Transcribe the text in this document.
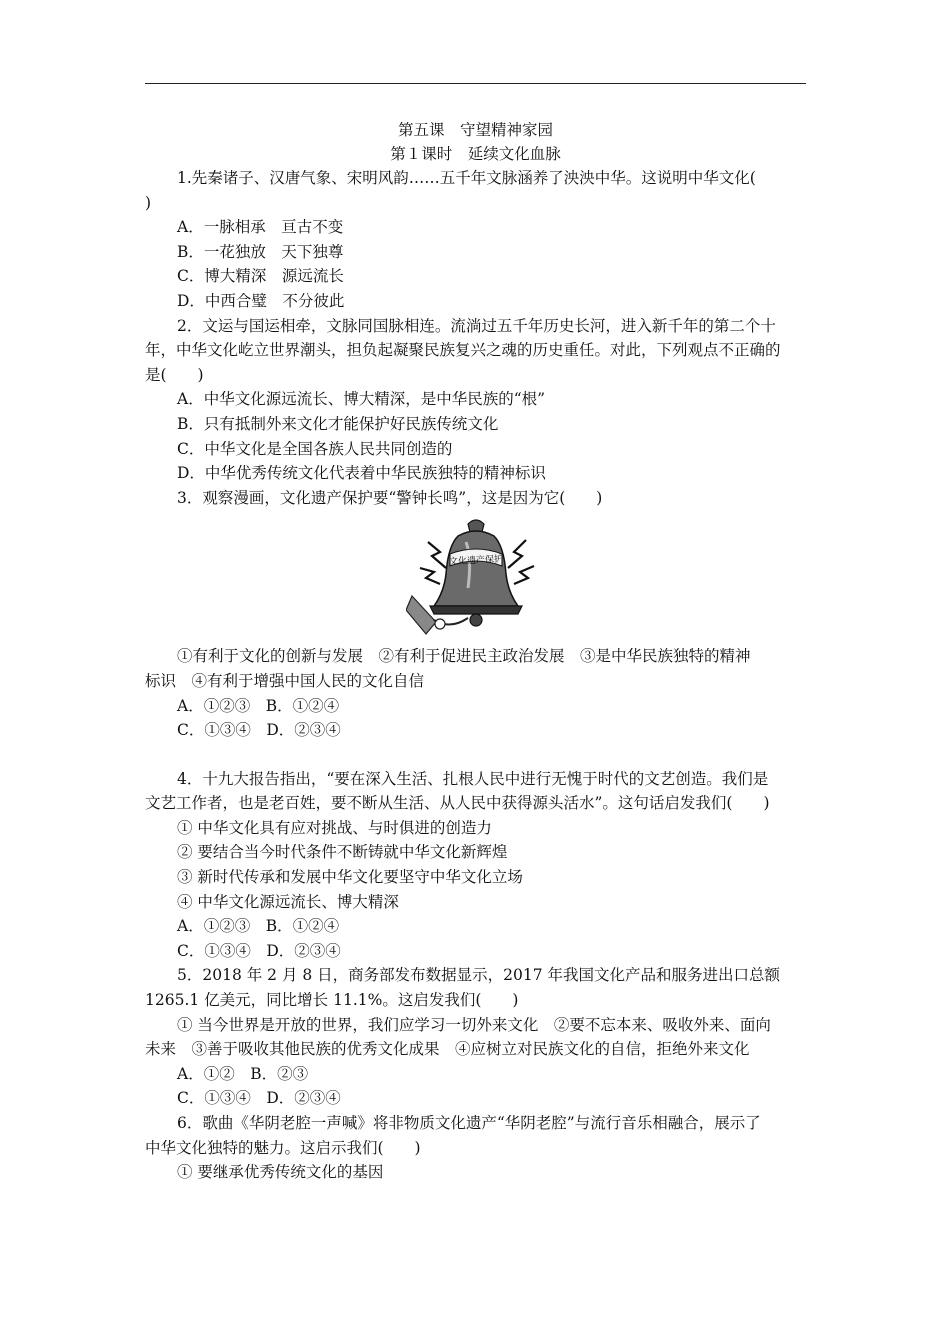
第五课　守望精神家园
第１课时　延续文化血脉

1.先秦诸子、汉唐气象、宋明风韵……五千年文脉涵养了泱泱中华。这说明中华文化(

)

A．一脉相承　亘古不变

B．一花独放　天下独尊

C．博大精深　源远流长

D．中西合璧　不分彼此

2．文运与国运相牵，文脉同国脉相连。流淌过五千年历史长河，进入新千年的第二个十

年，中华文化屹立世界潮头，担负起凝聚民族复兴之魂的历史重任。对此，下列观点不正确的

是(　　)

A．中华文化源远流长、博大精深，是中华民族的“根”

B．只有抵制外来文化才能保护好民族传统文化

C．中华文化是全国各族人民共同创造的

D．中华优秀传统文化代表着中华民族独特的精神标识

3．观察漫画，文化遗产保护要“警钟长鸣”，这是因为它(　　)

文化遗产保护

①有利于文化的创新与发展　②有利于促进民主政治发展　③是中华民族独特的精神

标识　④有利于增强中国人民的文化自信

A．①②③　B．①②④

C．①③④　D．②③④

4．十九大报告指出，“要在深入生活、扎根人民中进行无愧于时代的文艺创造。我们是

文艺工作者，也是老百姓，要不断从生活、从人民中获得源头活水”。这句话启发我们(　　)

① 中华文化具有应对挑战、与时俱进的创造力

② 要结合当今时代条件不断铸就中华文化新辉煌

③ 新时代传承和发展中华文化要坚守中华文化立场

④ 中华文化源远流长、博大精深

A．①②③　B．①②④

C．①③④　D．②③④

5．2018 年 2 月 8 日，商务部发布数据显示，2017 年我国文化产品和服务进出口总额

1265.1 亿美元，同比增长 11.1%。这启发我们(　　)

① 当今世界是开放的世界，我们应学习一切外来文化　②要不忘本来、吸收外来、面向

未来　③善于吸收其他民族的优秀文化成果　④应树立对民族文化的自信，拒绝外来文化

A．①②　B．②③

C．①③④　D．②③④

6．歌曲《华阴老腔一声喊》将非物质文化遗产“华阴老腔”与流行音乐相融合，展示了

中华文化独特的魅力。这启示我们(　　)

① 要继承优秀传统文化的基因
